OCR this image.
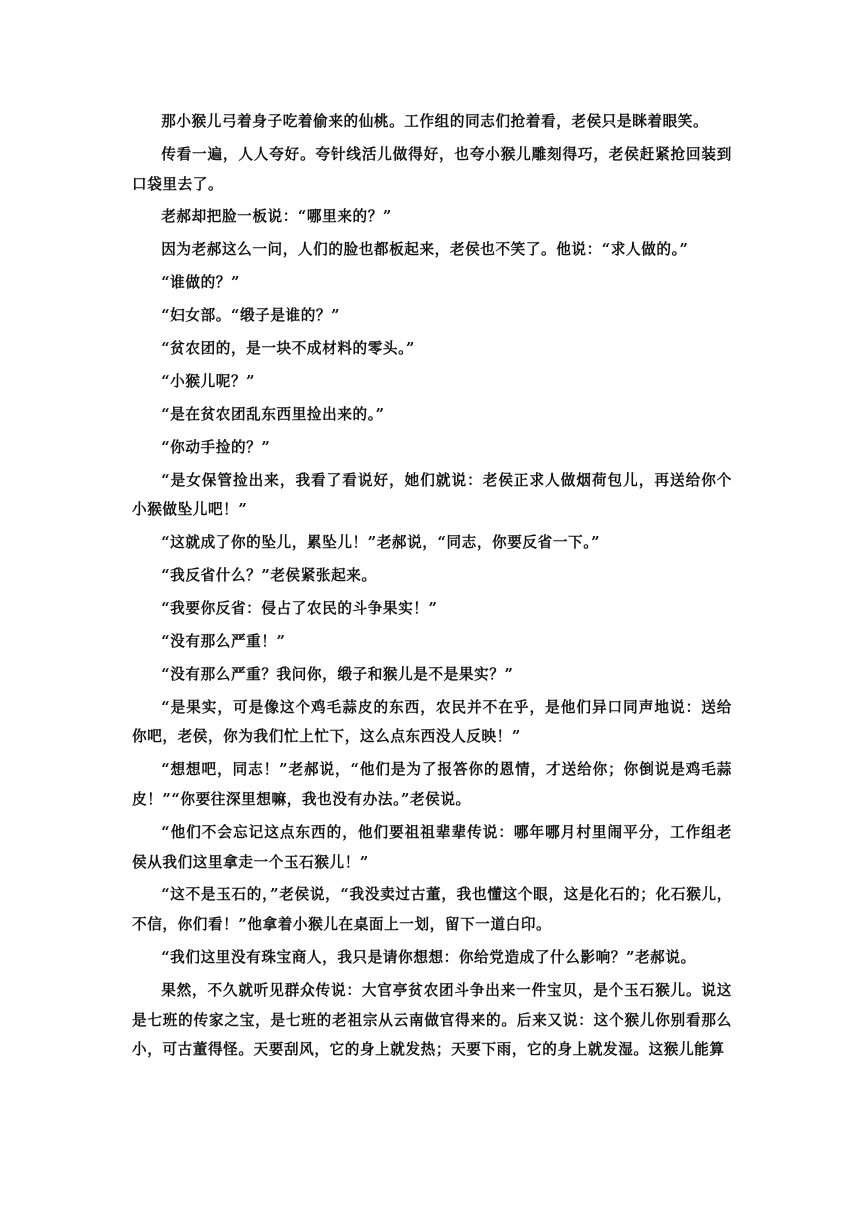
那小猴儿弓着身子吃着偷来的仙桃。工作组的同志们抢着看，老侯只是眯着眼笑。

传看一遍，人人夸好。夸针线活儿做得好，也夸小猴儿雕刻得巧，老侯赶紧抢回装到口袋里去了。

老郝却把脸一板说：“哪里来的？”

因为老郝这么一问，人们的脸也都板起来，老侯也不笑了。他说：“求人做的。”

“谁做的？”

“妇女部。“缎子是谁的？”

“贫农团的，是一块不成材料的零头。”

“小猴儿呢？”

“是在贫农团乱东西里捡出来的。”

“你动手捡的？”

“是女保管捡出来，我看了看说好，她们就说：老侯正求人做烟荷包儿，再送给你个小猴做坠儿吧！”

“这就成了你的坠儿，累坠儿！”老郝说，“同志，你要反省一下。”

“我反省什么？”老侯紧张起来。

“我要你反省：侵占了农民的斗争果实！”

“没有那么严重！”

“没有那么严重？我问你，缎子和猴儿是不是果实？”

“是果实，可是像这个鸡毛蒜皮的东西，农民并不在乎，是他们异口同声地说：送给你吧，老侯，你为我们忙上忙下，这么点东西没人反映！”

“想想吧，同志！”老郝说，“他们是为了报答你的恩情，才送给你；你倒说是鸡毛蒜皮！”“你要往深里想嘛，我也没有办法。”老侯说。

“他们不会忘记这点东西的，他们要祖祖辈辈传说：哪年哪月村里闹平分，工作组老侯从我们这里拿走一个玉石猴儿！”

“这不是玉石的，”老侯说，“我没卖过古董，我也懂这个眼，这是化石的；化石猴儿，不信，你们看！”他拿着小猴儿在桌面上一划，留下一道白印。

“我们这里没有珠宝商人，我只是请你想想：你给党造成了什么影响？”老郝说。

果然，不久就听见群众传说：大官亭贫农团斗争出来一件宝贝，是个玉石猴儿。说这是七班的传家之宝，是七班的老祖宗从云南做官得来的。后来又说：这个猴儿你别看那么小，可古董得怪。天要刮风，它的身上就发热；天要下雨，它的身上就发湿。这猴儿能算
